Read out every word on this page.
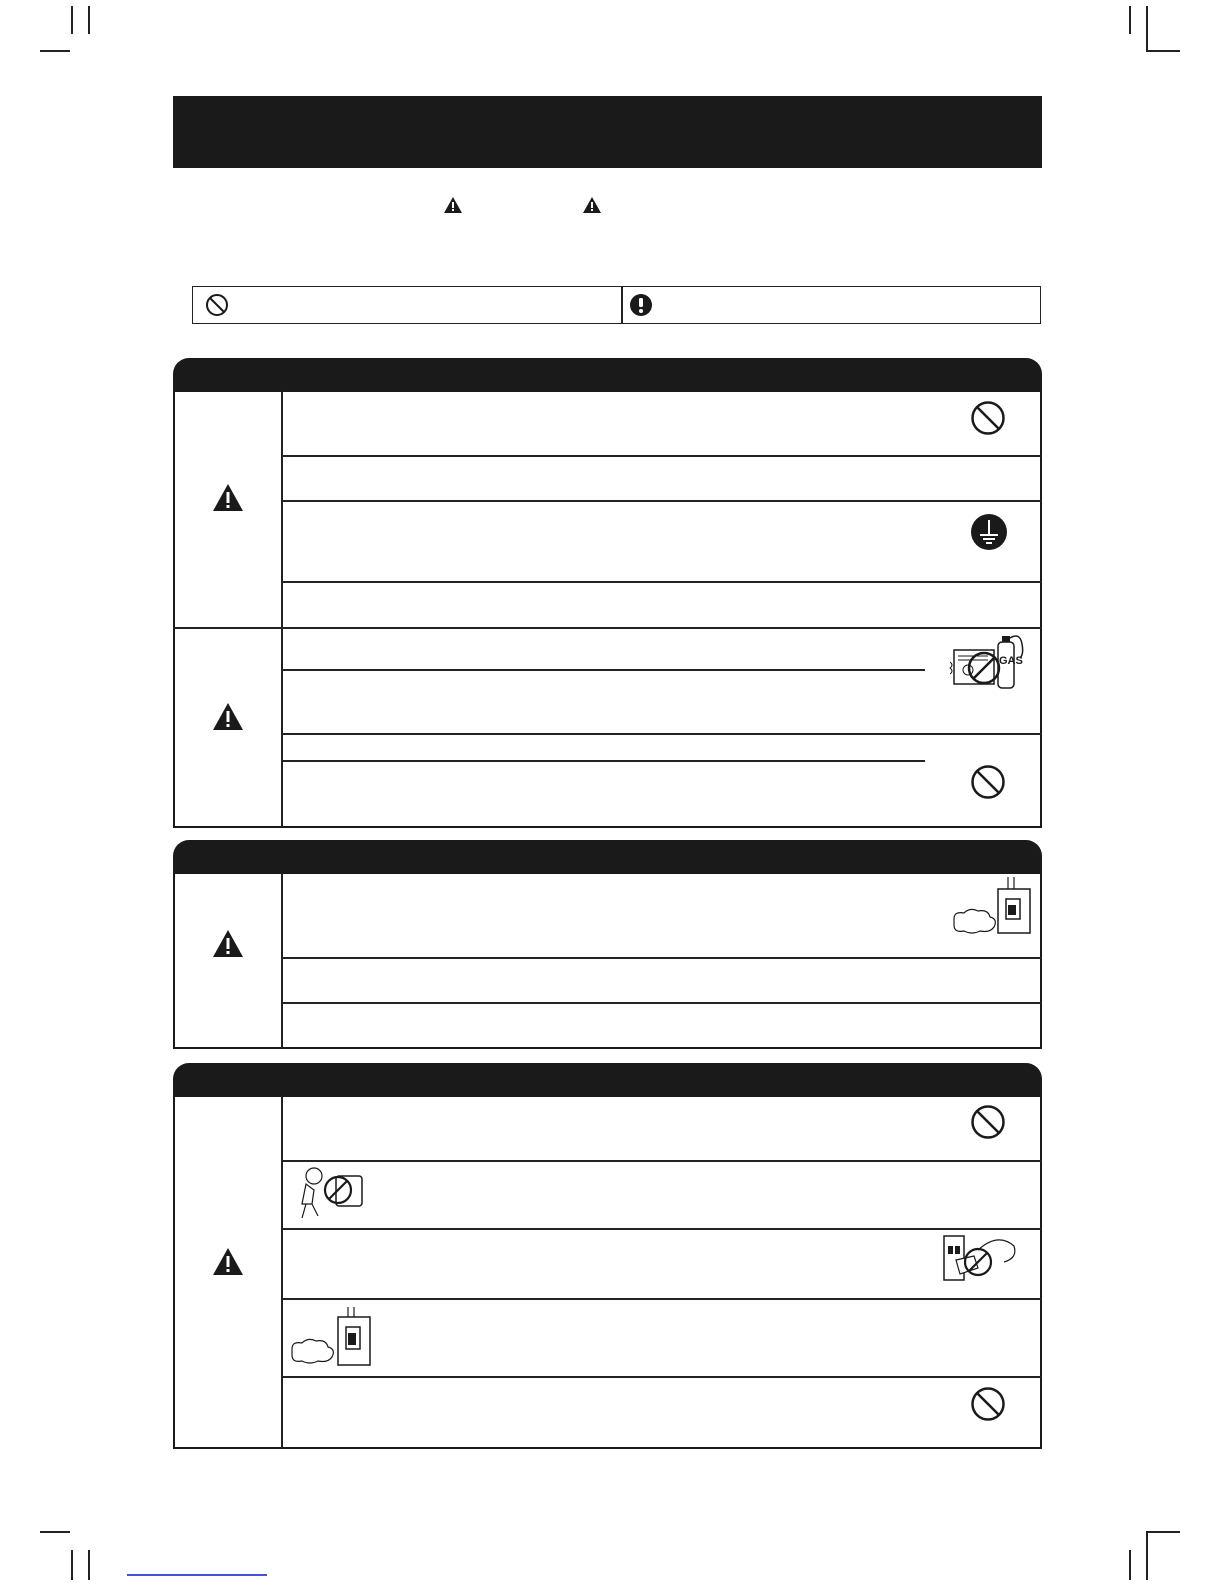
GAS
